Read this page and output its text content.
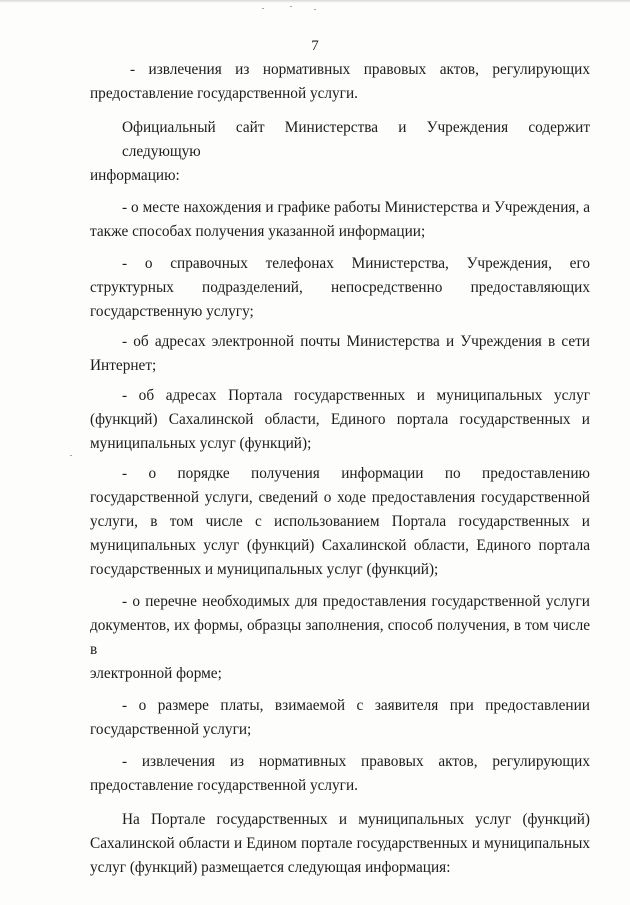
7
- извлечения из нормативных правовых актов, регулирующих
предоставление государственной услуги.
Официальный сайт Министерства и Учреждения содержит следующую
информацию:
- о месте нахождения и графике работы Министерства и Учреждения, а
также способах получения указанной информации;
- о справочных телефонах Министерства, Учреждения, его
структурных подразделений, непосредственно предоставляющих
государственную услугу;
- об адресах электронной почты Министерства и Учреждения в сети
Интернет;
- об адресах Портала государственных и муниципальных услуг
(функций) Сахалинской области, Единого портала государственных и
муниципальных услуг (функций);
- о порядке получения информации по предоставлению
государственной услуги, сведений о ходе предоставления государственной
услуги, в том числе с использованием Портала государственных и
муниципальных услуг (функций) Сахалинской области, Единого портала
государственных и муниципальных услуг (функций);
- о перечне необходимых для предоставления государственной услуги
документов, их формы, образцы заполнения, способ получения, в том числе в
электронной форме;
- о размере платы, взимаемой с заявителя при предоставлении
государственной услуги;
- извлечения из нормативных правовых актов, регулирующих
предоставление государственной услуги.
На Портале государственных и муниципальных услуг (функций)
Сахалинской области и Едином портале государственных и муниципальных
услуг (функций) размещается следующая информация:
